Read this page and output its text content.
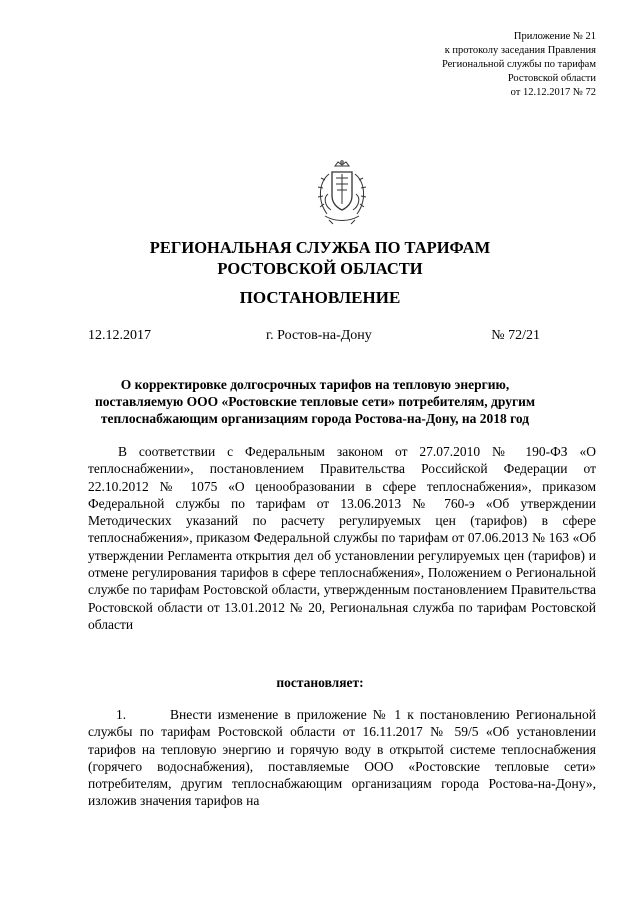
Приложение № 21
к протоколу заседания Правления
Региональной службы по тарифам
Ростовской области
от 12.12.2017 № 72
РЕГИОНАЛЬНАЯ СЛУЖБА ПО ТАРИФАМ
РОСТОВСКОЙ ОБЛАСТИ
ПОСТАНОВЛЕНИЕ
12.12.2017	г. Ростов-на-Дону	№ 72/21
О корректировке долгосрочных тарифов на тепловую энергию,
поставляемую ООО «Ростовские тепловые сети» потребителям, другим
теплоснабжающим организациям города Ростова-на-Дону, на 2018 год
В соответствии с Федеральным законом от 27.07.2010 № 190-ФЗ «О теплоснабжении», постановлением Правительства Российской Федерации от 22.10.2012 № 1075 «О ценообразовании в сфере теплоснабжения», приказом Федеральной службы по тарифам от 13.06.2013 № 760-э «Об утверждении Методических указаний по расчету регулируемых цен (тарифов) в сфере теплоснабжения», приказом Федеральной службы по тарифам от 07.06.2013 № 163 «Об утверждении Регламента открытия дел об установлении регулируемых цен (тарифов) и отмене регулирования тарифов в сфере теплоснабжения», Положением о Региональной службе по тарифам Ростовской области, утвержденным постановлением Правительства Ростовской области от 13.01.2012 № 20, Региональная служба по тарифам Ростовской области
постановляет:
1.	Внести изменение в приложение № 1 к постановлению Региональной службы по тарифам Ростовской области от 16.11.2017 № 59/5 «Об установлении тарифов на тепловую энергию и горячую воду в открытой системе теплоснабжения (горячего водоснабжения), поставляемые ООО «Ростовские тепловые сети» потребителям, другим теплоснабжающим организациям города Ростова-на-Дону», изложив значения тарифов на
